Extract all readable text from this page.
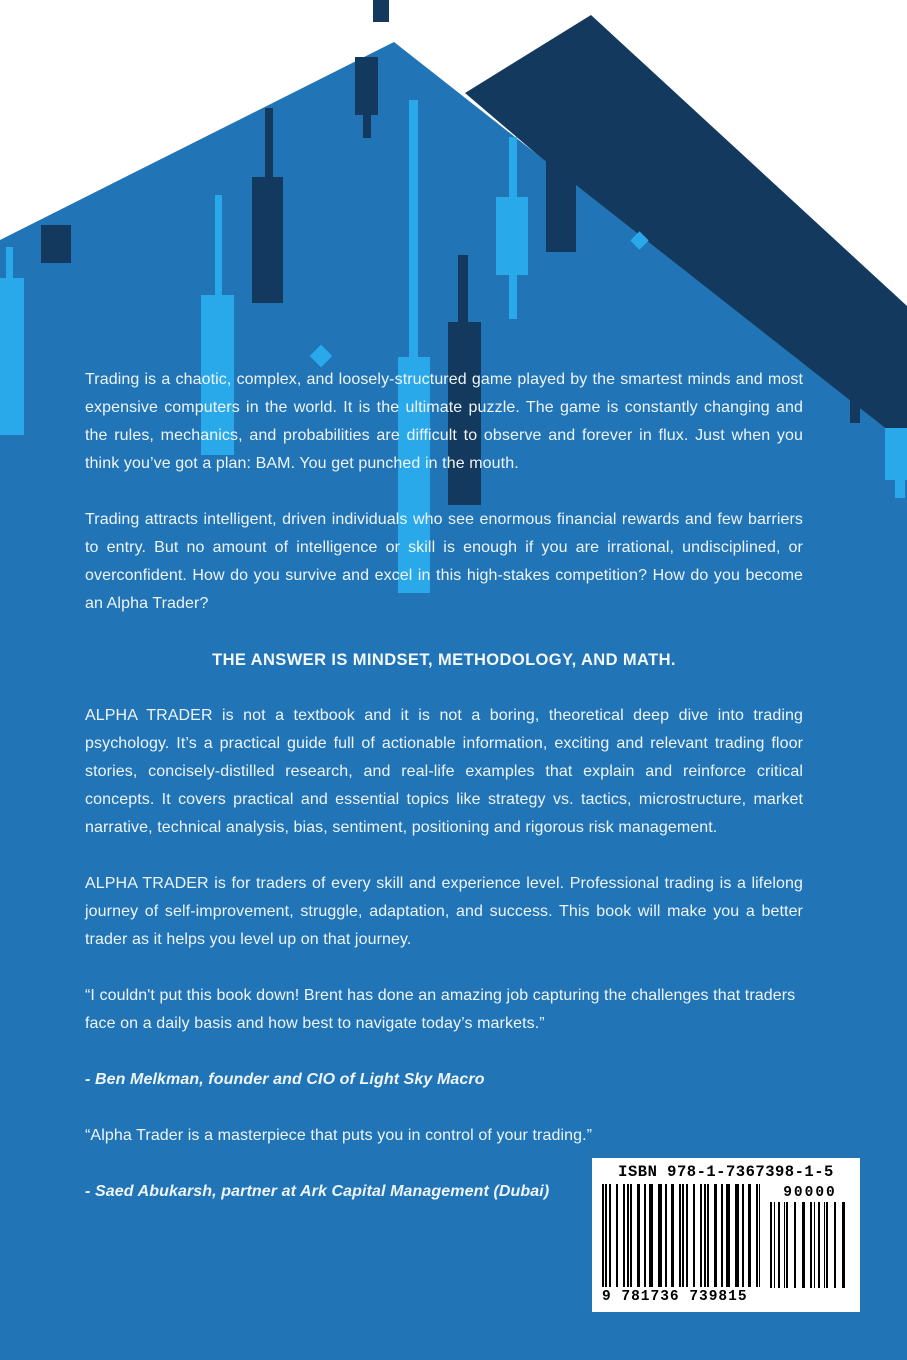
Trading is a chaotic, complex, and loosely-structured game played by the smartest minds and most expensive computers in the world. It is the ultimate puzzle. The game is constantly changing and the rules, mechanics, and probabilities are difficult to observe and forever in flux. Just when you think you’ve got a plan: BAM. You get punched in the mouth.

Trading attracts intelligent, driven individuals who see enormous financial rewards and few barriers to entry. But no amount of intelligence or skill is enough if you are irrational, undisciplined, or overconfident. How do you survive and excel in this high-stakes competition? How do you become an Alpha Trader?

THE ANSWER IS MINDSET, METHODOLOGY, AND MATH.

ALPHA TRADER is not a textbook and it is not a boring, theoretical deep dive into trading psychology. It’s a practical guide full of actionable information, exciting and relevant trading floor stories, concisely-distilled research, and real-life examples that explain and reinforce critical concepts. It covers practical and essential topics like strategy vs. tactics, microstructure, market narrative, technical analysis, bias, sentiment, positioning and rigorous risk management.

ALPHA TRADER is for traders of every skill and experience level. Professional trading is a lifelong journey of self-improvement, struggle, adaptation, and success. This book will make you a better trader as it helps you level up on that journey.

“I couldn't put this book down! Brent has done an amazing job capturing the challenges that traders face on a daily basis and how best to navigate today’s markets.”

- Ben Melkman, founder and CIO of Light Sky Macro

“Alpha Trader is a masterpiece that puts you in control of your trading.”

- Saed Abukarsh, partner at Ark Capital Management (Dubai)

ISBN 978-1-7367398-1-5
9 781736 739815
90000
